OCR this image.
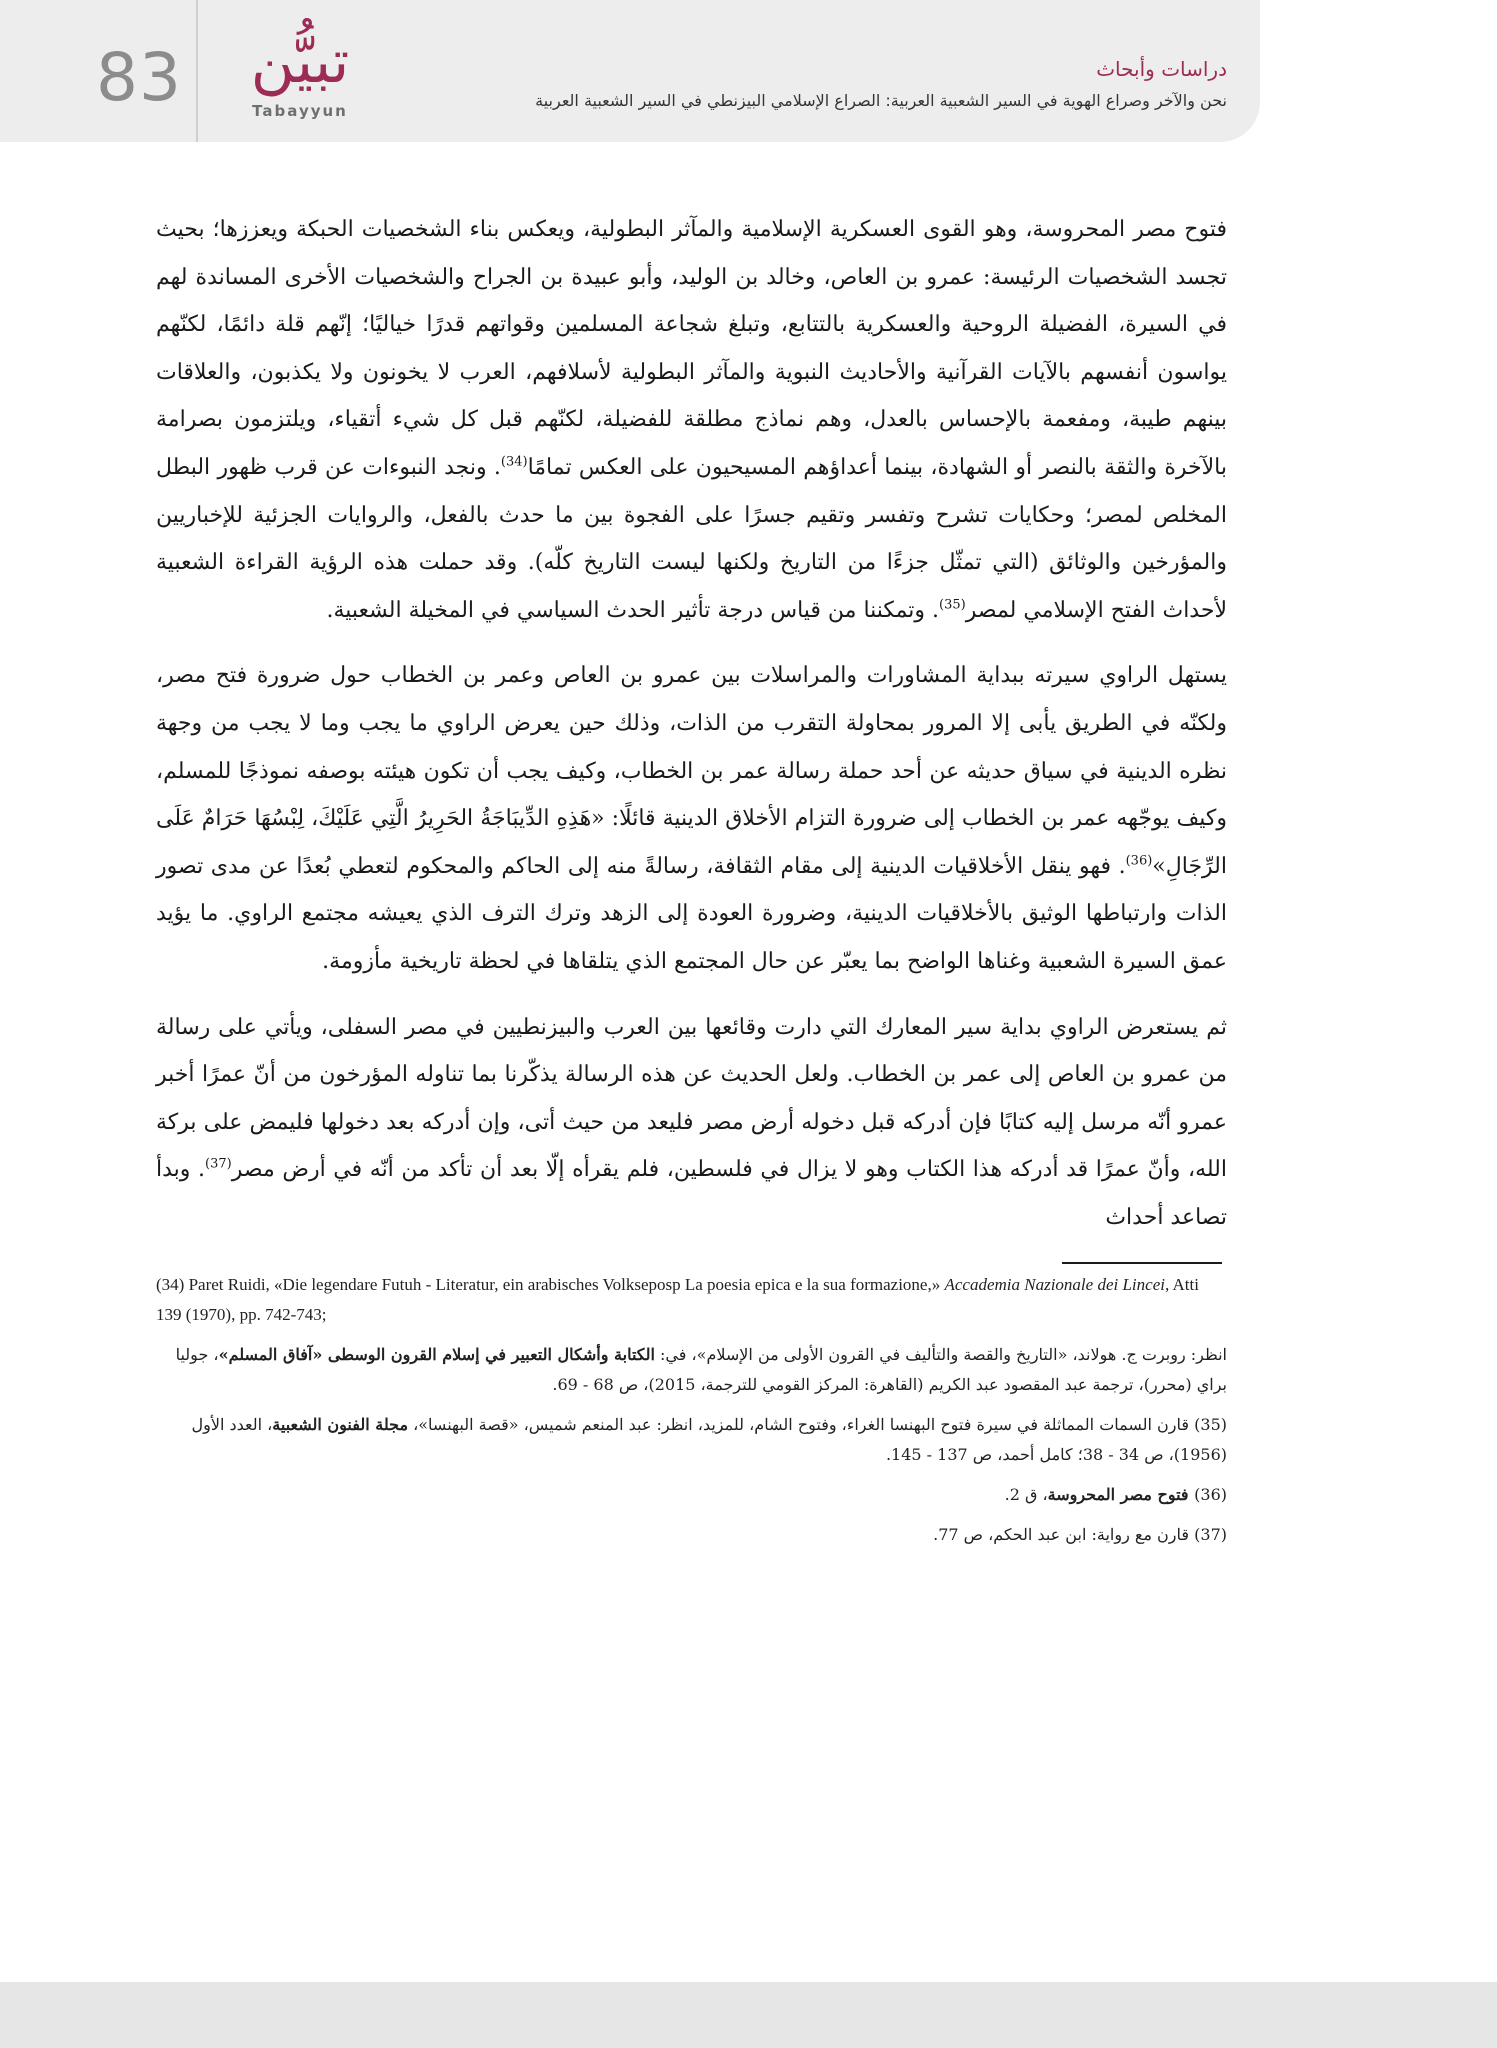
83	تبيُّن
Tabayyun
دراسات وأبحاث
نحن والآخر وصراع الهوية في السير الشعبية العربية: الصراع الإسلامي البيزنطي في السير الشعبية العربية

فتوح مصر المحروسة، وهو القوى العسكرية الإسلامية والمآثر البطولية، ويعكس بناء الشخصيات الحبكة ويعززها؛ بحيث تجسد الشخصيات الرئيسة: عمرو بن العاص، وخالد بن الوليد، وأبو عبيدة بن الجراح والشخصيات الأخرى المساندة لهم في السيرة، الفضيلة الروحية والعسكرية بالتتابع، وتبلغ شجاعة المسلمين وقواتهم قدرًا خياليًا؛ إنّهم قلة دائمًا، لكنّهم يواسون أنفسهم بالآيات القرآنية والأحاديث النبوية والمآثر البطولية لأسلافهم، العرب لا يخونون ولا يكذبون، والعلاقات بينهم طيبة، ومفعمة بالإحساس بالعدل، وهم نماذج مطلقة للفضيلة، لكنّهم قبل كل شيء أتقياء، ويلتزمون بصرامة بالآخرة والثقة بالنصر أو الشهادة، بينما أعداؤهم المسيحيون على العكس تمامًا$^{(34)}$. ونجد النبوءات عن قرب ظهور البطل المخلص لمصر؛ وحكايات تشرح وتفسر وتقيم جسرًا على الفجوة بين ما حدث بالفعل، والروايات الجزئية للإخباريين والمؤرخين والوثائق (التي تمثّل جزءًا من التاريخ ولكنها ليست التاريخ كلّه). وقد حملت هذه الرؤية القراءة الشعبية لأحداث الفتح الإسلامي لمصر$^{(35)}$. وتمكننا من قياس درجة تأثير الحدث السياسي في المخيلة الشعبية.

يستهل الراوي سيرته ببداية المشاورات والمراسلات بين عمرو بن العاص وعمر بن الخطاب حول ضرورة فتح مصر، ولكنّه في الطريق يأبى إلا المرور بمحاولة التقرب من الذات، وذلك حين يعرض الراوي ما يجب وما لا يجب من وجهة نظره الدينية في سياق حديثه عن أحد حملة رسالة عمر بن الخطاب، وكيف يجب أن تكون هيئته بوصفه نموذجًا للمسلم، وكيف يوجّهه عمر بن الخطاب إلى ضرورة التزام الأخلاق الدينية قائلًا: «هَذِهِ الدِّيبَاجَةُ الحَرِيرُ الَّتِي عَلَيْكَ، لِبْسُهَا حَرَامٌ عَلَى الرِّجَالِ»$^{(36)}$. فهو ينقل الأخلاقيات الدينية إلى مقام الثقافة، رسالةً منه إلى الحاكم والمحكوم لتعطي بُعدًا عن مدى تصور الذات وارتباطها الوثيق بالأخلاقيات الدينية، وضرورة العودة إلى الزهد وترك الترف الذي يعيشه مجتمع الراوي. ما يؤيد عمق السيرة الشعبية وغناها الواضح بما يعبّر عن حال المجتمع الذي يتلقاها في لحظة تاريخية مأزومة.

ثم يستعرض الراوي بداية سير المعارك التي دارت وقائعها بين العرب والبيزنطيين في مصر السفلى، ويأتي على رسالة من عمرو بن العاص إلى عمر بن الخطاب. ولعل الحديث عن هذه الرسالة يذكّرنا بما تناوله المؤرخون من أنّ عمرًا أخبر عمرو أنّه مرسل إليه كتابًا فإن أدركه قبل دخوله أرض مصر فليعد من حيث أتى، وإن أدركه بعد دخولها فليمض على بركة الله، وأنّ عمرًا قد أدركه هذا الكتاب وهو لا يزال في فلسطين، فلم يقرأه إلّا بعد أن تأكد من أنّه في أرض مصر$^{(37)}$. وبدأ تصاعد أحداث

(34) Paret Ruidi, «Die legendare Futuh - Literatur, ein arabisches Volkseposp La poesia epica e la sua formazione,» Accademia Nazionale dei Lincei, Atti 139 (1970), pp. 742-743;

انظر: روبرت ج. هولاند، «التاريخ والقصة والتأليف في القرون الأولى من الإسلام»، في: الكتابة وأشكال التعبير في إسلام القرون الوسطى «آفاق المسلم»، جوليا براي (محرر)، ترجمة عبد المقصود عبد الكريم (القاهرة: المركز القومي للترجمة، 2015)، ص 68 - 69.

(35) قارن السمات المماثلة في سيرة فتوح البهنسا الغراء، وفتوح الشام، للمزيد، انظر: عبد المنعم شميس، «قصة البهنسا»، مجلة الفنون الشعبية، العدد الأول (1956)، ص 34 - 38؛ كامل أحمد، ص 137 - 145.

(36) فتوح مصر المحروسة، ق 2.

(37) قارن مع رواية: ابن عبد الحكم، ص 77.
